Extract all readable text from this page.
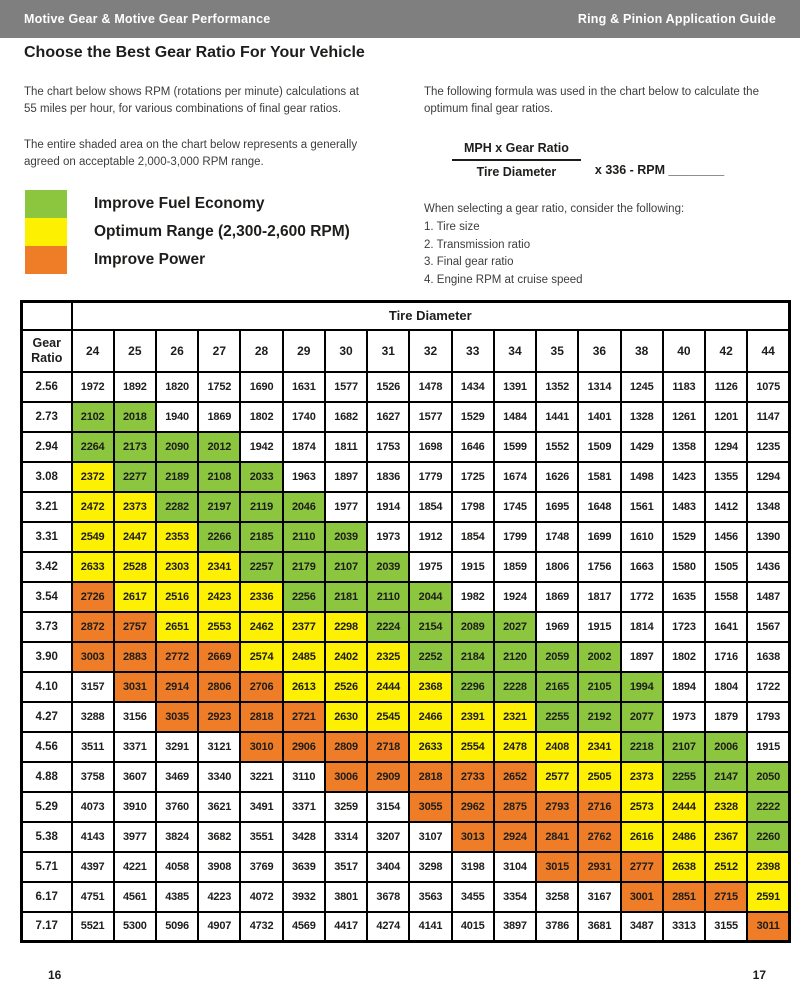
Motive Gear & Motive Gear Performance	Ring & Pinion Application Guide
Choose the Best Gear Ratio For Your Vehicle
The chart below shows RPM (rotations per minute) calculations at 55 miles per hour, for various combinations of final gear ratios.
The following formula was used in the chart below to calculate the optimum final gear ratios.
The entire shaded area on the chart below represents a generally agreed on acceptable 2,000-3,000 RPM range.
Improve Fuel Economy
Optimum Range (2,300-2,600 RPM)
Improve Power
$\frac{\text{MPH x Gear Ratio}}{\text{Tire Diameter}}$ x 336 - RPM ________
When selecting a gear ratio, consider the following:
1. Tire size
2. Transmission ratio
3. Final gear ratio
4. Engine RPM at cruise speed
	Tire Diameter																
Gear
Ratio	24	25	26	27	28	29	30	31	32	33	34	35	36	38	40	42	44
2.56	1972	1892	1820	1752	1690	1631	1577	1526	1478	1434	1391	1352	1314	1245	1183	1126	1075
2.73	2102	2018	1940	1869	1802	1740	1682	1627	1577	1529	1484	1441	1401	1328	1261	1201	1147
2.94	2264	2173	2090	2012	1942	1874	1811	1753	1698	1646	1599	1552	1509	1429	1358	1294	1235
3.08	2372	2277	2189	2108	2033	1963	1897	1836	1779	1725	1674	1626	1581	1498	1423	1355	1294
3.21	2472	2373	2282	2197	2119	2046	1977	1914	1854	1798	1745	1695	1648	1561	1483	1412	1348
3.31	2549	2447	2353	2266	2185	2110	2039	1973	1912	1854	1799	1748	1699	1610	1529	1456	1390
3.42	2633	2528	2303	2341	2257	2179	2107	2039	1975	1915	1859	1806	1756	1663	1580	1505	1436
3.54	2726	2617	2516	2423	2336	2256	2181	2110	2044	1982	1924	1869	1817	1772	1635	1558	1487
3.73	2872	2757	2651	2553	2462	2377	2298	2224	2154	2089	2027	1969	1915	1814	1723	1641	1567
3.90	3003	2883	2772	2669	2574	2485	2402	2325	2252	2184	2120	2059	2002	1897	1802	1716	1638
4.10	3157	3031	2914	2806	2706	2613	2526	2444	2368	2296	2228	2165	2105	1994	1894	1804	1722
4.27	3288	3156	3035	2923	2818	2721	2630	2545	2466	2391	2321	2255	2192	2077	1973	1879	1793
4.56	3511	3371	3291	3121	3010	2906	2809	2718	2633	2554	2478	2408	2341	2218	2107	2006	1915
4.88	3758	3607	3469	3340	3221	3110	3006	2909	2818	2733	2652	2577	2505	2373	2255	2147	2050
5.29	4073	3910	3760	3621	3491	3371	3259	3154	3055	2962	2875	2793	2716	2573	2444	2328	2222
5.38	4143	3977	3824	3682	3551	3428	3314	3207	3107	3013	2924	2841	2762	2616	2486	2367	2260
5.71	4397	4221	4058	3908	3769	3639	3517	3404	3298	3198	3104	3015	2931	2777	2638	2512	2398
6.17	4751	4561	4385	4223	4072	3932	3801	3678	3563	3455	3354	3258	3167	3001	2851	2715	2591
7.17	5521	5300	5096	4907	4732	4569	4417	4274	4141	4015	3897	3786	3681	3487	3313	3155	3011
16	17
